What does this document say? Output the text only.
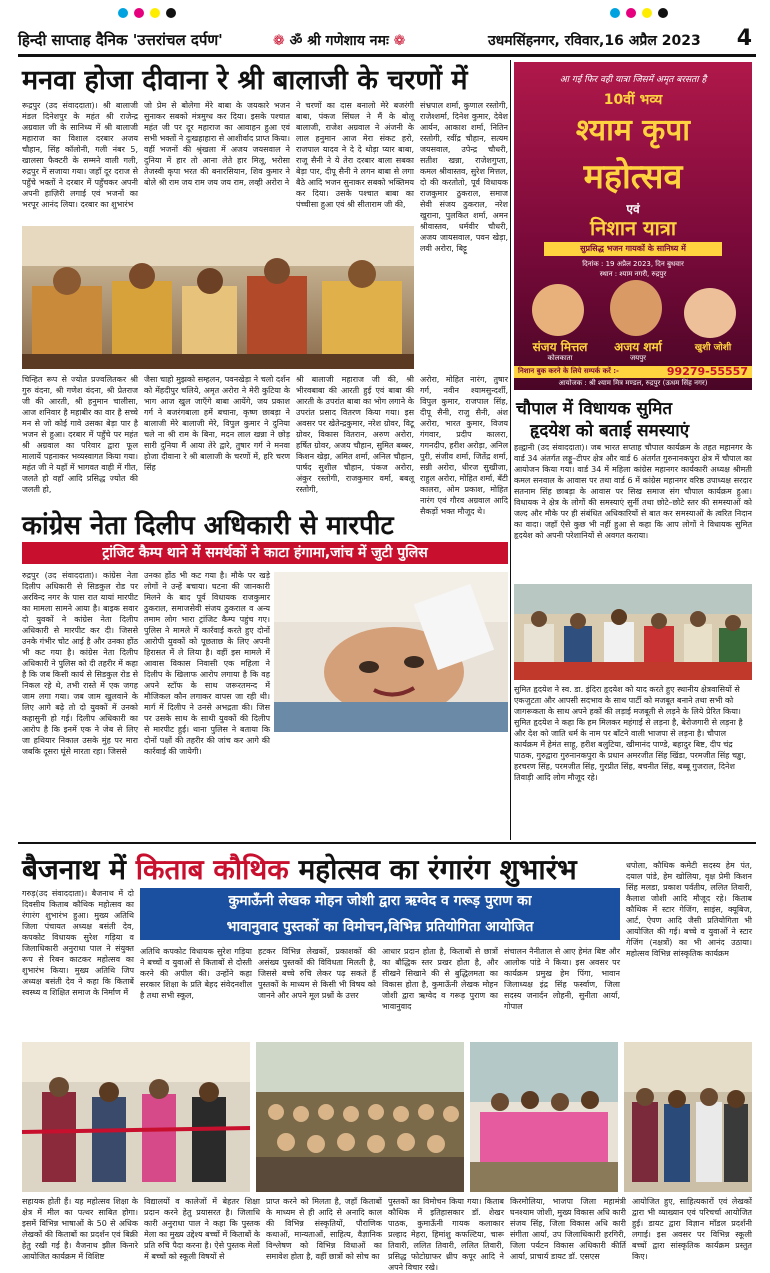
हिन्दी साप्ताह दैनिक 'उत्तरांचल दर्पण'	❁ ॐ श्री गणेशाय नमः ❁	उधमसिंहनगर, रविवार,16 अप्रैल 2023 4
मनवा होजा दीवाना रे श्री बालाजी के चरणों में
रूद्रपुर (उद संवाददाता)। श्री बालाजी मंडल दिनेशपुर के महंत श्री राजेन्द्र अग्रवाल जी के सानिध्य में श्री बालाजी महाराज का विशाल दरबार अजय चौहान, सिंह कॉलोनी, गली नंबर 5, खालसा फैक्टरी के सम्मने वाली गली, रुद्रपुर में सजाया गया। जहाँ दूर दराज से पहुँचे भक्तों ने दरबार में पहुँचकर अपनी अपनी हाज़िरी लगाई एवं भजनों का भरपूर आनंद लिया। दरबार का शुभारंभ
जो प्रेम से बोलेगा मेरे बाबा के जयकारे भजन सुनाकर सबको मंत्रमुग्ध कर दिया। इसके पश्चात महंत जी पर दूर महाराज का आवाहन हुआ एवं सभी भक्तों ने दुःखहाहारा से आशीर्वाद प्राप्त किया। वहीं भजनों की श्रृंखला में अजय जयसवाल ने दुनिया में हार तो आना लेते हार मिलू, भरोसा तेजस्वी कृपा भरत की बनारसियान, शिव कुमार ने बोले श्री राम जय राम जय जय राम, लव्ही अरोरा ने
ने चरणों का दास बनालो मेरे बजरंगी बाबा, पंकज सिंघल ने मैं के बोलू बालाजी, राजेश अग्रवाल ने अंजनी के लाल हनुमान आज मेरा संकट हरो, राजपाल यादव ने दे दे थोड़ा प्यार बाबा, राजू सैनी ने ये तेरा दरबार बाला सबका बेड़ा पार, दीपू सैनी ने लगन बाबा से लगा बैठे आदि भजन सुनाकर सबको भक्तिमय कर दिया। उसके पश्चात बाबा का पंच्चीसा हुआ एवं श्री सीताराम जी की,
संभ्रपाल शर्मा, कुणाल रस्तोगी, राजेश्शर्मा, दिनेश कुमार, देवेश आर्यन, आकाश शर्मा, नितिन रस्तोगी, रवींद्र चौहान, सत्यम जयसवाल, उपेन्द्र चौधरी, सतीश खन्ना, राजेशगुप्ता, कमल श्रीवास्तव, सुरेश मित्तल, दो की करतोतो, पूर्व विधायक राजकुमार ठुकराल, समाज सेवी संजय ठुकराल, नरेश खुराना, पुलकित शर्मा, अमन श्रीवास्तव, धर्मवीर चौधरी, अजय जायसवाल, पवन खेड़ा, लवी अरोरा, बिट्टू
चिन्हित रूप से ज्योत प्रज्वलितकर श्री गुरु वंदना, श्री गणेश वंदना, श्री प्रेतराज जी की आरती, श्री हनुमान चालीसा, आज शनिवार है महाबीर का वार है सच्चे मन से जो कोई गावे उसका बेड़ा पार है भजन से हुआ। दरबार में पहुँचे पर महंत श्री अग्रवाल का परिवार द्वारा फूल मालायें पहनाकर भव्यस्वागत किया गया। महंत जी ने यहाँ में भागवत वाही में गीत, जलते हो वहाँ आदि प्रसिद्ध ज्योत की जलती हो,
जैसा चाहो मुझको सम्हलन, पवनखेड़ा ने चलो दर्शन को मेंहदीपुर चलिये, अमृत अरोरा ने मेरी कुटिया के भाग आज खुल जाएँगे बाबा आयेंगे, जय प्रकाश गर्ग ने बजरंगबाला हमें बचाना, कृष्ण छाबड़ा ने बालाजी मेरे बालाजी मेरे, विपुल कुमार ने दुनिया चले ना श्री राम के बिना, मदन लाल खन्ना ने छोड़ सारी दुनिया मैं आया तेरे द्वारे, तुषार गर्ग ने मनवा होजा दीवाना रे श्री बालाजी के चरणों में, हरि चरण सिंह
श्री बालाजी महाराज जी की, श्री भीरवबाबा की आरती हुई एवं बाबा की आरती के उपरांत बाबा का भोग लगाने के उपरांत प्रसाद वितरण किया गया। इस अवसर पर खेतेन्द्रकुमार, नरेश ग्रोवर, विटू ग्रोवर, विकास वितरान, अरुण अरोरा, हर्षित ग्रोवर, अजय चौहान, सुमित बब्बर, किशन खेड़ा, अमित शर्मा, अनिल चौहान, पार्षद सुशील चौहान, पंकज अरोरा, अंकुर रस्तोगी, राजकुमार वर्मा, बबलू रस्तोगी,
अरोरा, मोहित नारंग, तुषार गर्ग, नवीन श्यामसुन्दर्शी, विपुल कुमार, राजपाल सिंह, दीपू सैनी, राजु सैनी, अंश अरोरा, भारत कुमार, विजय गंगवार, प्रदीप कालरा, गगनदीप, हरीश अरोड़ा, अनिल पुरी, संजीव शर्मा, जितेंद्र शर्मा, सन्नी अरोरा, धीरज सुखीजा, राहुल अरोरा, मोहित शर्मा, बँटी कालरा, ओम प्रकाश, मोहित नारंग एवं गौरव अग्रवाल आदि सैकड़ों भक्त मौजूद थे।
आ गई फिर वही यात्रा जिसमें अमृत बरसता है
10वीं भव्य
श्याम कृपा
महोत्सव
एवं
निशान यात्रा
सुप्रसिद्ध भजन गायकों के सानिध्य में
दिनांक : 19 अप्रैल 2023, दिन बुधवार
स्थान : श्याम नगरी, रुद्रपुर
संजय मित्तल
कोलकाता
अजय शर्मा
जयपुर
खुशी जोशी
निशान बुक करने के लिये सम्पर्क करें :-	99279-55557
आयोजक : श्री श्याम मित्र मण्डल, रुद्रपुर (ऊधम सिंह नगर)
चौपाल में विधायक सुमित
हृदयेश को बताई समस्याएं
हल्द्वानी (उद संवाददाता)। जब भारत सप्ताह चौपाल कार्यक्रम के तहत महानगर के वार्ड 34 अंतर्गत लड्डू–टीपर क्षेत्र और वार्ड 6 अंतर्गत गुरुनानकपुरा क्षेत्र में चौपाल का आयोजन किया गया। वार्ड 34 में महिला कांग्रेस महानगर कार्यकारी अध्यक्ष श्रीमती कमल सनवाल के आवास पर तथा वार्ड 6 में कांग्रेस महानगर वरिष्ठ उपाध्यक्ष सरदार सतनाम सिंह छाबड़ा के आवास पर सिख समाज संग चौपाल कार्यक्रम हुआ। विधायक ने क्षेत्र के लोगों की समस्याएं सुनीं तथा छोटे–छोटे स्तर की समस्याओं को जल्द और मौके पर ही संबंधित अधिकारियों से बात कर समस्याओं के त्वरित निदान का वादा। जहाँ ऐसे कुछ भी नहीं हुआ से कहा कि आप लोगों ने विधायक सुमित हृदयेश को अपनी परेशानियों से अवगत कराया।
सुमित हृदयेश ने स्व. डा. इंदिरा हृदयेश को याद करते हुए स्थानीय क्षेत्रवासियों से एकजुटता और आपसी सदभाव के साथ पार्टी को मजबूत बनाने तथा सभी को जागरूकता के साथ अपने हकों की लड़ाई मजबूती से लड़ने के लिये प्रेरित किया। सुमित हृदयेश ने कहा कि हम मिलकर महंगाई से लड़ना है, बेरोजगारी से लड़ना है और देश को जाति धर्म के नाम पर बाँटने वाली भाजपा से लड़ना है। चौपाल कार्यक्रम में हेमंत साहू, हरीश बलुटिया, खीमानंद पाण्डे, बहादुर बिष्ट, दीप चंद्र पाठक, गुरुद्वारा गुरुनानकपुरा के प्रधान अमरजीत सिंह खिंडा, परमजीत सिंह चड्ढा, हरचरण सिंह, परमजीत सिंह, गुरप्रीत सिंह, बचनीत सिंह, बब्बू गुजराल, दिनेश तिवाड़ी आदि लोग मौजूद रहे।
कांग्रेस नेता दिलीप अधिकारी से मारपीट
ट्रांजिट कैम्प थाने में समर्थकों ने काटा हंगामा,जांच में जुटी पुलिस
रुद्रपुर (उद संवाददाता)। कांग्रेस नेता दिलीप अधिकारी से सिडकुल रोड पर अरविन्द नगर के पास रात यायां मारपीट का मामला सामने आया है। बाइक सवार दो युवकों ने कांग्रेस नेता दिलीप अधिकारी से मारपीट कर दी। जिससे उनके गंभीर चोट आई है और उनका होंठ भी कट गया है। कांग्रेस नेता दिलीप अधिकारी ने पुलिस को दी तहरीर में कहा है कि जब किसी कार्य से सिडकुल रोड से निकल रहे थे, तभी रास्ते में एक जगह जाम लगा गया। जब जाम खुलवाने के लिए आगे बढ़े तो दो युवकों में उनको कहासुनी हो गई। दिलीप अधिकारी का आरोप है कि इनमें एक ने जेब से लिए जा हथियार निकाल उसके मुंह पर मारा जबकि दूसरा घूंसे मारता रहा। जिससे
उनका होंठ भी कट गया है। मौके पर खड़े लोगों ने उन्हें बचाया। घटना की जानकारी मिलने के बाद पूर्व विधायक राजकुमार ठुकराल, समाजसेवी संजय ठुकराल व अन्य तमाम लोग भारा ट्रांजिट कैम्प पहुंच गए। पुलिस ने मामले में कार्रवाई करते हुए दोनों आरोपी युवकों को पूछताछ के लिए अपनी हिरासत में ले लिया है। वहीं इस मामले में आवास विकास निवासी एक महिला ने दिलीप के खिलाफ आरोप लगाया है कि वह अपने स्टॉफ के साथ जरूरतमन्द में मौजिकल कौन लगाकर वापस जा रही थी। मार्ग में दिलीप ने उनसे अभद्रता की। जिस पर उसके साथ के साथी युवकों की दिलीप से मारपीट हुई। थाना पुलिस ने बताया कि दोनों पक्षों की तहरीर की जांच कर आगे की कार्रवाई की जायेगी।
बैजनाथ में किताब कौथिक महोत्सव का रंगारंग शुभारंभ
गरुड़(उद संवाददाता)। बैजनाथ में दो दिवसीय किताब कौथिक महोत्सव का रंगारंग शुभारंभ हुआ। मुख्य अतिथि जिला पंचायत अध्यक्ष बसंती देव, कपकोट विधायक सुरेश गड़िया व जिलाधिकारी अनुराधा पाल ने संयुक्त रूप से रिबन काटकर महोत्सव का शुभारंभ किया। मुख्य अतिथि जिप अध्यक्ष बसंती देव ने कहा कि किताबें स्वस्थ्य व शिक्षित समाज के निर्माण में
कुमाऊँनी लेखक मोहन जोशी द्वारा ऋग्वेद व गरूड़ पुराण का
भावानुवाद पुस्तकों का विमोचन,विभिन्न प्रतियोगिता आयोजित
अतिथि कपकोट विधायक सुरेश गड़िया ने बच्चों व युवाओं से किताबों से दोस्ती करने की अपील की। उन्होंने कहा सरकार शिक्षा के प्रति बेहद संवेदनशील है तथा सभी स्कूल,
हटकर विभिन्न लेखकों, प्रकाशकों की असंख्य पुस्तकों की विविधता मिलती है, जिससे बच्चे रुचि लेकर पढ़ सकते हैं पुस्तकों के माध्यम से किसी भी विषय को जानने और अपने मूल प्रश्नों के उत्तर
आधार प्रदान होता है, किताबों से छात्रों का बौद्धिक स्तर प्रखर होता है, और सीखने सिखाने की से बुद्धिलमता का विकास होता है, कुमाऊँनी लेखक मोहन जोशी द्वारा ऋग्वेद व गरूड़ पुराण का भावानुवाद
संचालन नैनीताल से आए हेमंत बिष्ट और आलोक पांडे ने किया। इस अवसर पर कार्यक्रम प्रमुख हेम पिंगा, भावान जिलाध्यक्ष इंद्र सिंह फर्स्वाण, जिला सदस्य जनार्दन लोहनी, सुनीता आर्या, गोपाल
धपोला, कौथिक कमेटी सदस्य हेम पंत, दयाल पांडे, हेम खोलिया, वृक्ष प्रेमी किशन सिंह मलडा, प्रकाश पर्वतीय, ललित तिवारी, कैलाश जोशी आदि मौजूद रहे। किताब कौथिक में स्टार गेजिंग, साइंस, क्यूबिज, आर्ट, ऐपण आदि जैसी प्रतियोगिता भी आयोजित की गई। बच्चे व युवाओं ने स्टार गेजिंग (नक्षत्रों) का भी आनंद उठाया। महोत्सव विभिन्न सांस्कृतिक कार्यक्रम
सहायक होती हैं। यह महोत्सव शिक्षा के क्षेत्र में मील का पत्थर साबित होगा। इसमें विभिन्न भाषाओं के 50 से अधिक लेखकों की किताबों का प्रदर्शन एवं बिक्री हेतु रखी गई है। वैजनाथ झील किनारे आयोजित कार्यक्रम में विशिष्ट
विद्यालयों व कालेजों में बेहतर शिक्षा प्रदान करने हेतु प्रयासरत है। जिलाधि कारी अनुराधा पाल ने कहा कि पुस्तक मेला का मुख्य उद्देश्य बच्चों में किताबों के प्रति रुचि पैदा करना है। ऐसे पुस्तक मेलों में बच्चों को स्कूली विषयों से
प्राप्त करने को मिलता है, जहाँ किताबों के माध्यम से ही आदि से अनादि काल की विभिन्न संस्कृतियों, पौराणिक कथाओं, मान्यताओं, साहित्य, वैज्ञानिक विश्लेषण को विभिन्न विधाओं का समावेश होता है, वहीं छात्रों को सोच का
पुस्तकों का विमोचन किया गया। किताब कौथिक में इतिहासकार डॉ. शेखर पाठक, कुमाऊँनी गायक कलाकार प्रल्हाद मेहरा, हिमांशु कफल्टिया, चारू तिवारी, ललित तिवारी, ललित तिवारी, प्रसिद्ध फोटोग्राफर थ्रीप कपूर आदि ने अपने विचार रखे।
किरमोलिया, भाजपा जिला महामंत्री घनश्याम जोशी, मुख्य विकास अधि कारी संजय सिंह, जिला विकास अधि कारी संगीता आर्या, उप जिलाधिकारी हरगिरी, जिला पर्यटन विकास अधिकारी कीर्ति आर्या, प्राचार्य डायट डॉ. एसएस
आयोजित हुए, साहित्यकारों एवं लेखकों द्वारा भी व्याख्यान एवं परिचर्चा आयोजित हुई। डायट द्वारा विज्ञान मॉडल प्रदर्शनी लगाई। इस अवसर पर विभिन्न स्कूली बच्चों द्वारा सांस्कृतिक कार्यक्रम प्रस्तुत किए।
